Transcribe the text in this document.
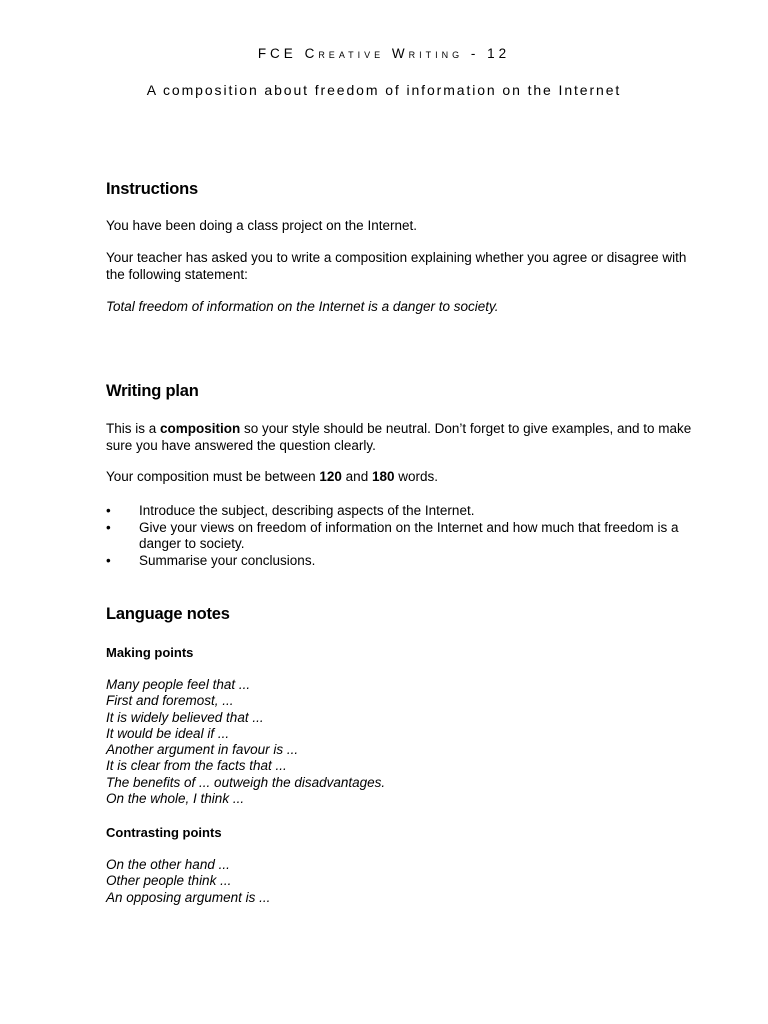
FCE Creative Writing - 12
A composition about freedom of information on the Internet
Instructions

You have been doing a class project on the Internet.

Your teacher has asked you to write a composition explaining whether you agree or disagree with the following statement:

Total freedom of information on the Internet is a danger to society.

Writing plan

This is a composition so your style should be neutral. Don’t forget to give examples, and to make sure you have answered the question clearly.

Your composition must be between 120 and 180 words.

• Introduce the subject, describing aspects of the Internet.
• Give your views on freedom of information on the Internet and how much that freedom is a danger to society.
• Summarise your conclusions.
Language notes
Making points
Many people feel that ...
First and foremost, ...
It is widely believed that ...
It would be ideal if ...
Another argument in favour is ...
It is clear from the facts that ...
The benefits of ... outweigh the disadvantages.
On the whole, I think ...
Contrasting points
On the other hand ...
Other people think ...
An opposing argument is ...
